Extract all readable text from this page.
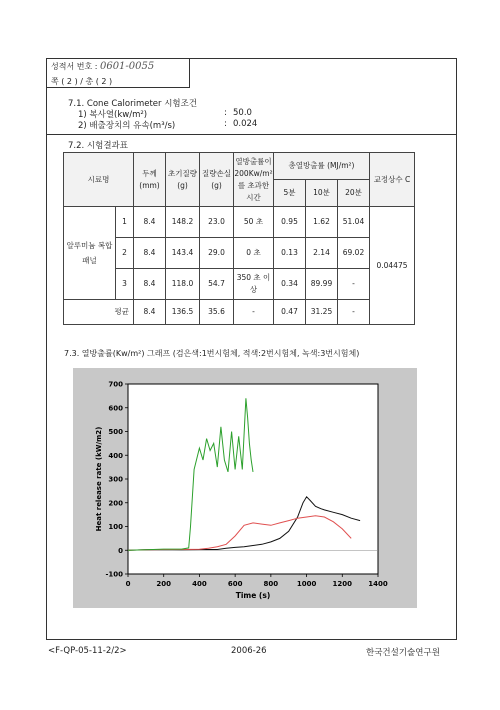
성적서 번호 : 0601-0055
쪽 ( 2 ) / 총 ( 2 )
7.1. Cone Calorimeter 시험조건
1) 복사열(kw/m²)	: 50.0
2) 배출장치의 유속(m³/s)	: 0.024
7.2. 시험결과표
시료명		두께 (mm)	초기질량 (g)	질량손실 (g)	열방출률이 200Kw/m² 를 초과한 시간	총열방출률 (MJ/m²)			교정상수 C
						5분	10분	20분	
알루미늄 복합패널	1	8.4	148.2	23.0	50 초	0.95	1.62	51.04	0.04475
	2	8.4	143.4	29.0	0 초	0.13	2.14	69.02	
	3	8.4	118.0	54.7	350 초 이상	0.34	89.99	-	
평균		8.4	136.5	35.6	-	0.47	31.25	-	
7.3. 열방출률(Kw/m²) 그래프 (검은색:1번시험체, 적색:2번시험체, 녹색:3번시험체)
0	200	400	600	800	1000 1200 1400
-100
0
100
200
300
400
500
600
700
Time (s)
Heat release rate (kW/m2)
<F-QP-05-11-2/2>	2006-26	한국건설기술연구원
